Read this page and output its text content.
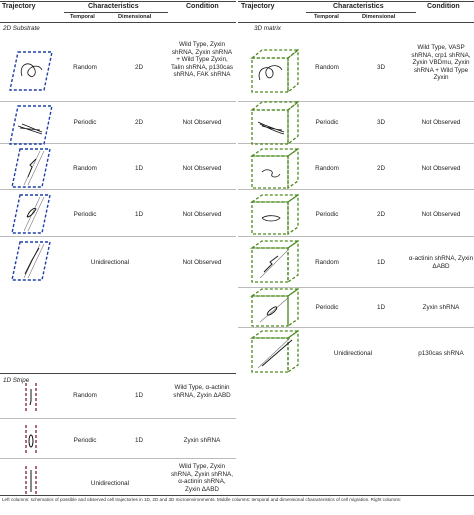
Trajectory	Characteristics	Condition
Temporal	Dimensional
2D Substrate
Random	2D
Wild Type, Zyxin shRNA, Zyxin shRNA + Wild Type Zyxin, Talin shRNA, p130cas shRNA, FAK shRNA
Periodic	2D	Not Observed
Random	1D	Not Observed
Periodic	1D	Not Observed
Unidirectional	Not Observed
1D Stripe
Random	1D
Wild Type, α-actinin shRNA, Zyxin ΔABD
Periodic	1D	Zyxin shRNA
Unidirectional
Wild Type, Zyxin shRNA, Zyxin shRNA, α-actinin shRNA, Zyxin ΔABD
Trajectory	Characteristics	Condition
Temporal	Dimensional
3D matrix
Random	3D
Wild Type, VASP shRNA, crp1 shRNA, Zyxin VBDmu, Zyxin shRNA + Wild Type Zyxin
Periodic	3D	Not Observed
Random	2D	Not Observed
Periodic	2D	Not Observed
Random	1D
α-actinin shRNA, Zyxin ΔABD
Periodic	1D	Zyxin shRNA
Unidirectional	p130cas shRNA
Left columns: schematics of possible and observed cell trajectories in 1D, 2D and 3D microenvironments. Middle columns: temporal and dimensional characteristics of cell migration. Right columns:
